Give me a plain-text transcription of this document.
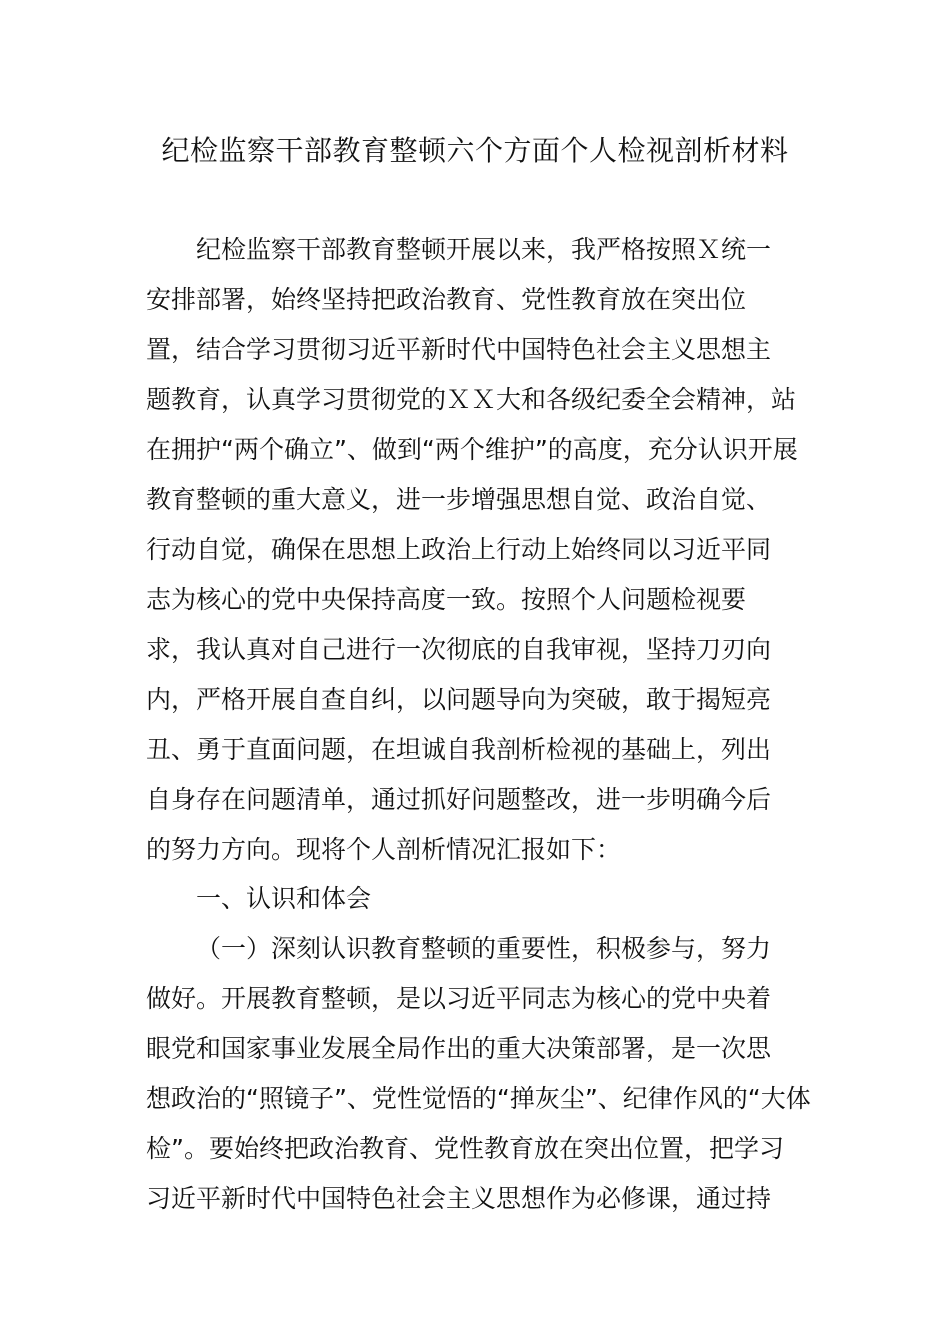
纪检监察干部教育整顿六个方面个人检视剖析材料

纪检监察干部教育整顿开展以来，我严格按照Ｘ统一

安排部署，始终坚持把政治教育、党性教育放在突出位

置，结合学习贯彻习近平新时代中国特色社会主义思想主

题教育，认真学习贯彻党的ＸＸ大和各级纪委全会精神，站

在拥护“两个确立”、做到“两个维护”的高度，充分认识开展

教育整顿的重大意义，进一步增强思想自觉、政治自觉、

行动自觉，确保在思想上政治上行动上始终同以习近平同

志为核心的党中央保持高度一致。按照个人问题检视要

求，我认真对自己进行一次彻底的自我审视，坚持刀刃向

内，严格开展自查自纠，以问题导向为突破，敢于揭短亮

丑、勇于直面问题，在坦诚自我剖析检视的基础上，列出

自身存在问题清单，通过抓好问题整改，进一步明确今后

的努力方向。现将个人剖析情况汇报如下：

一、认识和体会

（一）深刻认识教育整顿的重要性，积极参与，努力

做好。开展教育整顿，是以习近平同志为核心的党中央着

眼党和国家事业发展全局作出的重大决策部署，是一次思

想政治的“照镜子”、党性觉悟的“掸灰尘”、纪律作风的“大体

检”。要始终把政治教育、党性教育放在突出位置，把学习

习近平新时代中国特色社会主义思想作为必修课，通过持
